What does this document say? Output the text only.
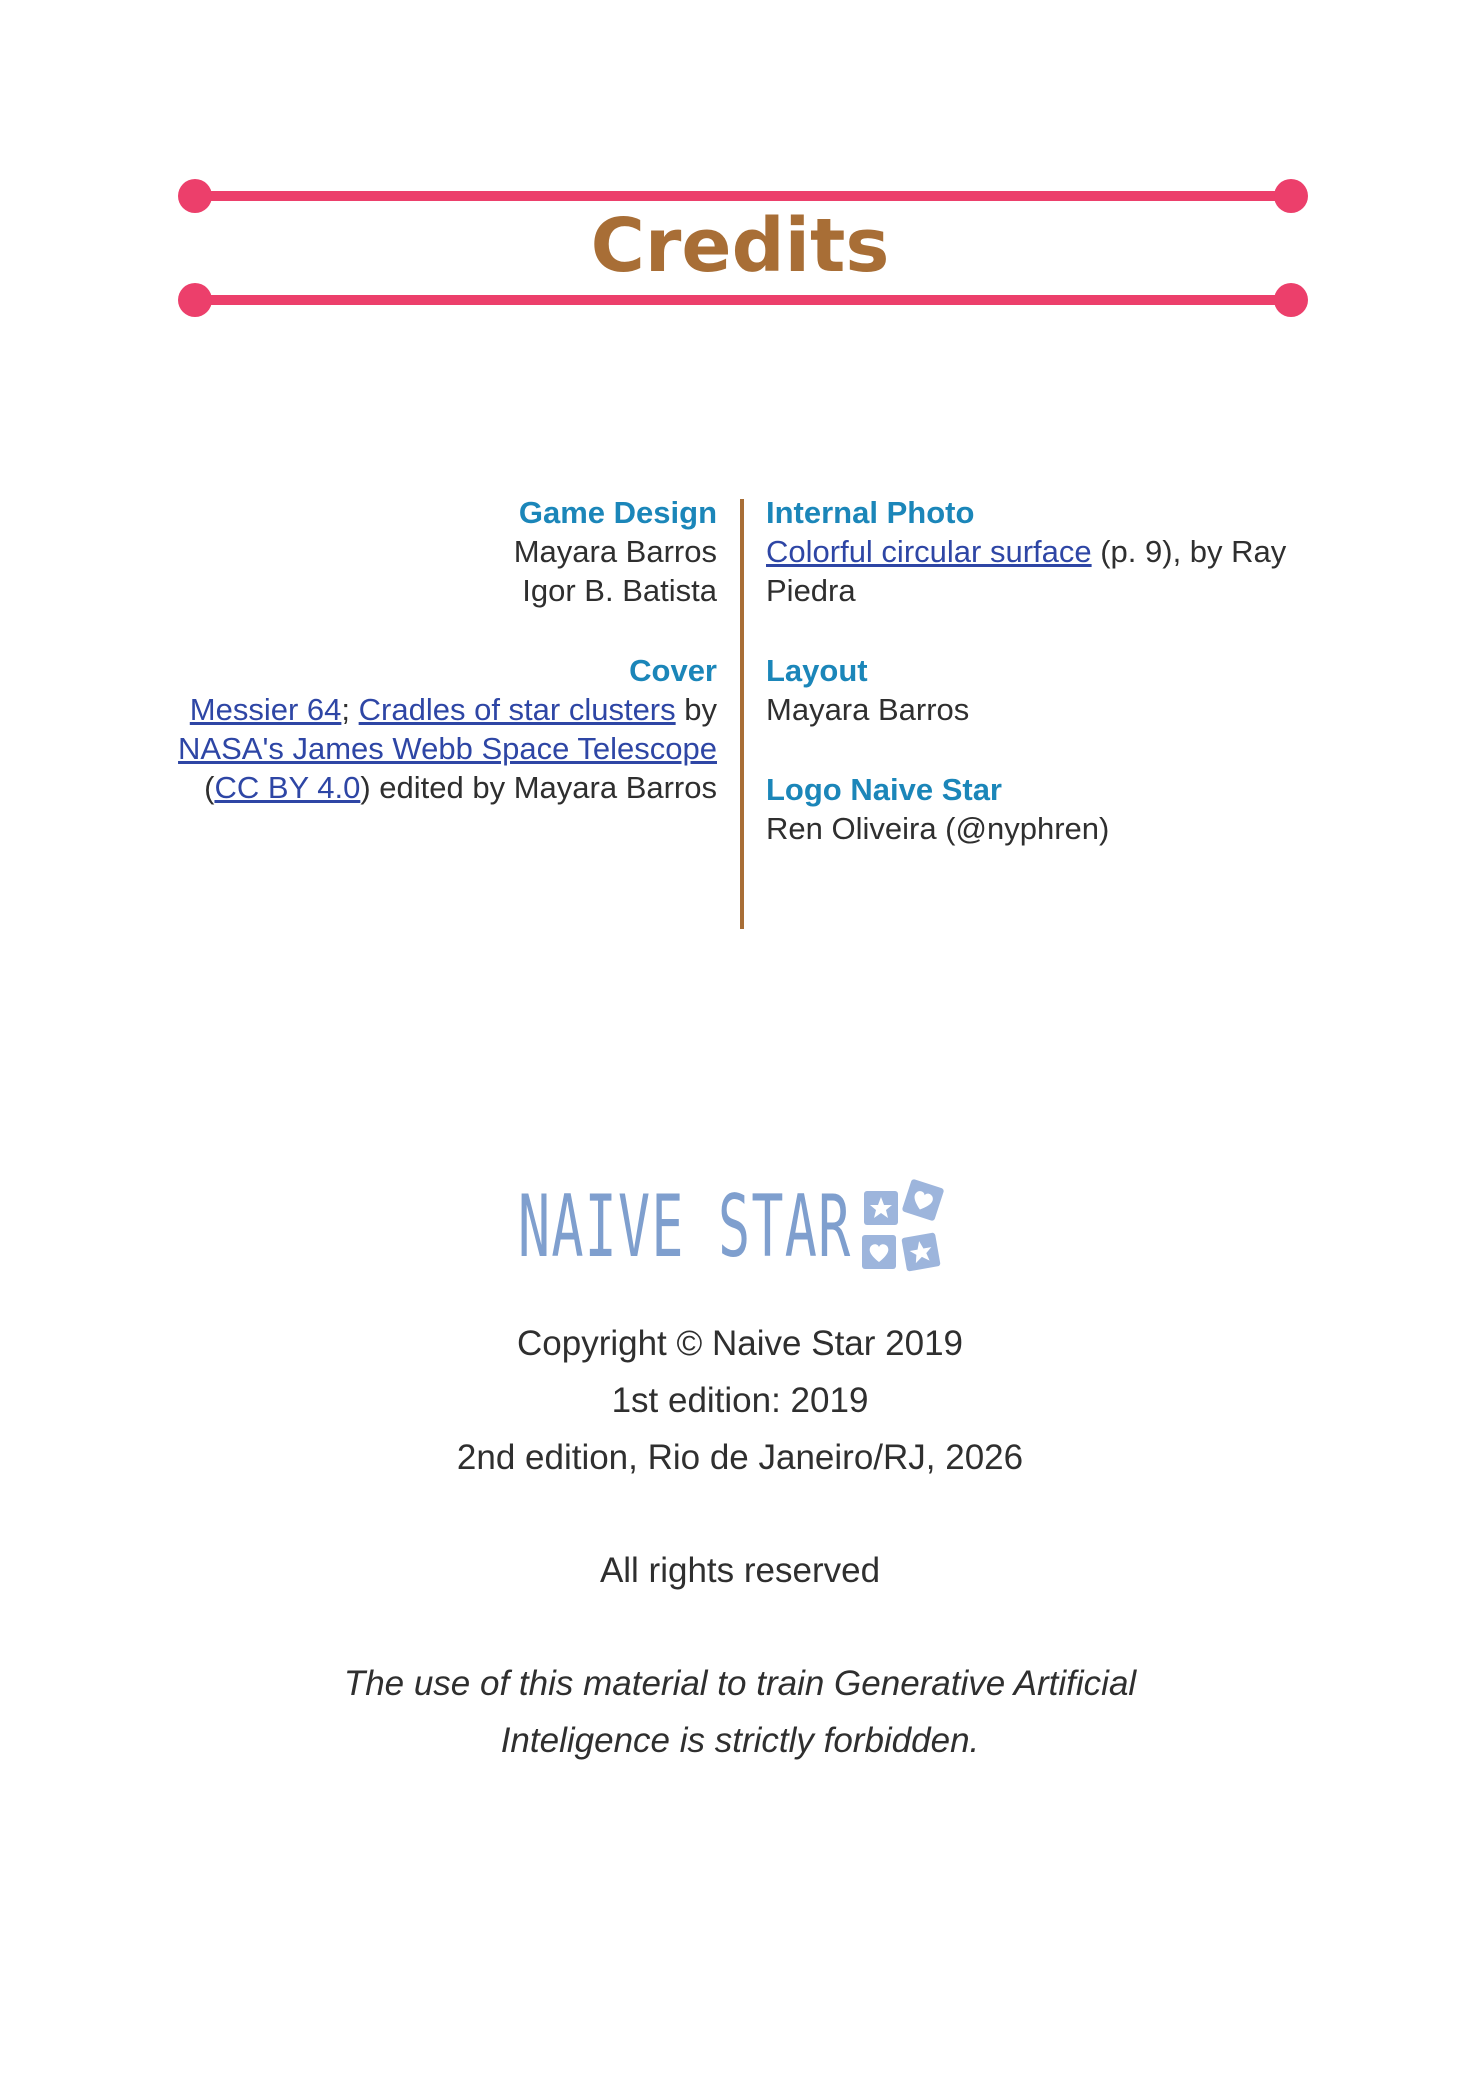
Credits
Game Design
Mayara Barros
Igor B. Batista
Cover
Messier 64; Cradles of star clusters by
NASA's James Webb Space Telescope
(CC BY 4.0) edited by Mayara Barros
Internal Photo
Colorful circular surface (p. 9), by Ray
Piedra
Layout
Mayara Barros
Logo Naive Star
Ren Oliveira (@nyphren)
NAIVE STAR
Copyright © Naive Star 2019
1st edition: 2019
2nd edition, Rio de Janeiro/RJ, 2026
All rights reserved
The use of this material to train Generative Artificial
Inteligence is strictly forbidden.
